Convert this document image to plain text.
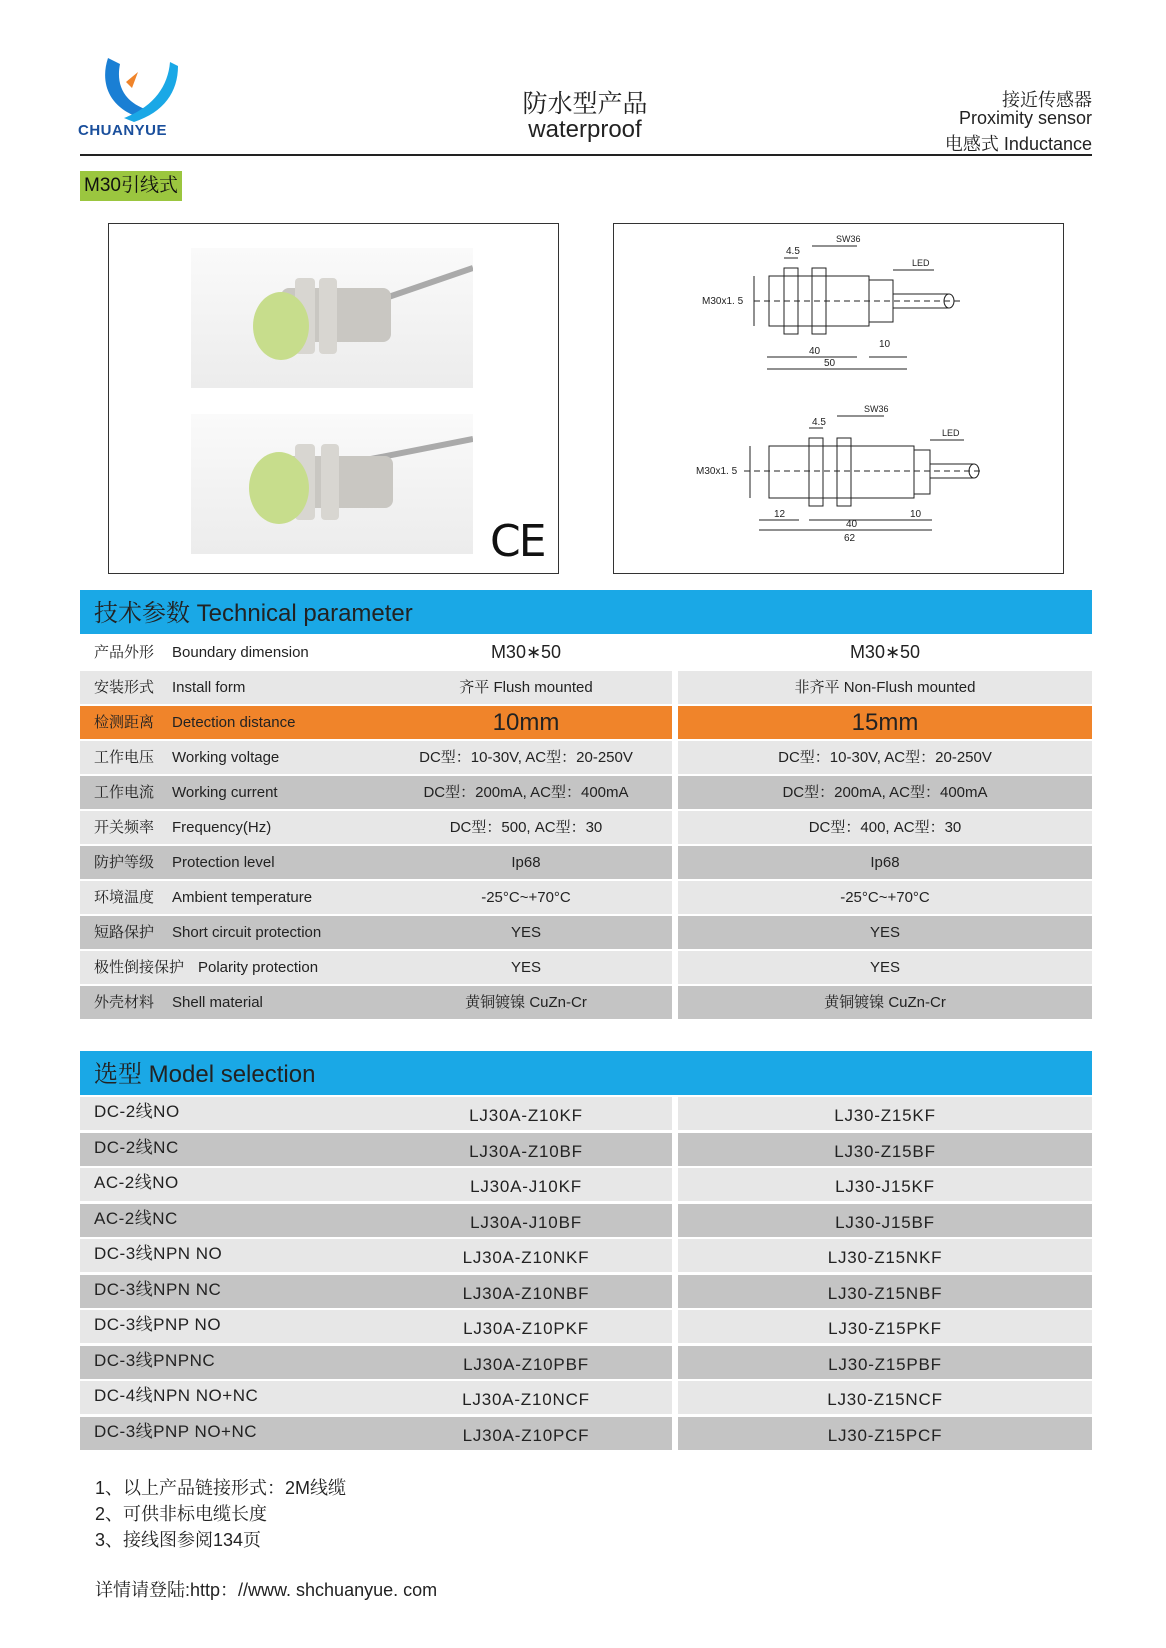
CHUANYUE
防水型产品
waterproof
接近传感器
Proximity sensor
电感式 Inductance
M30引线式
CE
4.5
SW36
LED
M30x1. 5
40
10
50
4.5
SW36
LED
M30x1. 5
12
40
10
62
技术参数 Technical parameter
产品外形 Boundary dimension	M30∗50	M30∗50
安装形式 Install form	齐平 Flush mounted	非齐平 Non-Flush mounted
检测距离 Detection distance	10mm	15mm
工作电压 Working voltage	DC型：10-30V, AC型：20-250V	DC型：10-30V, AC型：20-250V
工作电流 Working current	DC型：200mA, AC型：400mA	DC型：200mA, AC型：400mA
开关频率 Frequency(Hz)	DC型：500, AC型：30	DC型：400, AC型：30
防护等级 Protection level	Ip68	Ip68
环境温度 Ambient temperature	-25°C~+70°C	-25°C~+70°C
短路保护 Short circuit protection	YES	YES
极性倒接保护 Polarity protection	YES	YES
外壳材料 Shell material	黄铜镀镍 CuZn-Cr	黄铜镀镍 CuZn-Cr
选型 Model selection
DC-2线NO	LJ30A-Z10KF	LJ30-Z15KF
DC-2线NC	LJ30A-Z10BF	LJ30-Z15BF
AC-2线NO	LJ30A-J10KF	LJ30-J15KF
AC-2线NC	LJ30A-J10BF	LJ30-J15BF
DC-3线NPN NO	LJ30A-Z10NKF	LJ30-Z15NKF
DC-3线NPN NC	LJ30A-Z10NBF	LJ30-Z15NBF
DC-3线PNP NO	LJ30A-Z10PKF	LJ30-Z15PKF
DC-3线PNPNC	LJ30A-Z10PBF	LJ30-Z15PBF
DC-4线NPN NO+NC	LJ30A-Z10NCF	LJ30-Z15NCF
DC-3线PNP NO+NC	LJ30A-Z10PCF	LJ30-Z15PCF
1、以上产品链接形式：2M线缆
2、可供非标电缆长度
3、接线图参阅134页
详情请登陆:http：//www. shchuanyue. com
